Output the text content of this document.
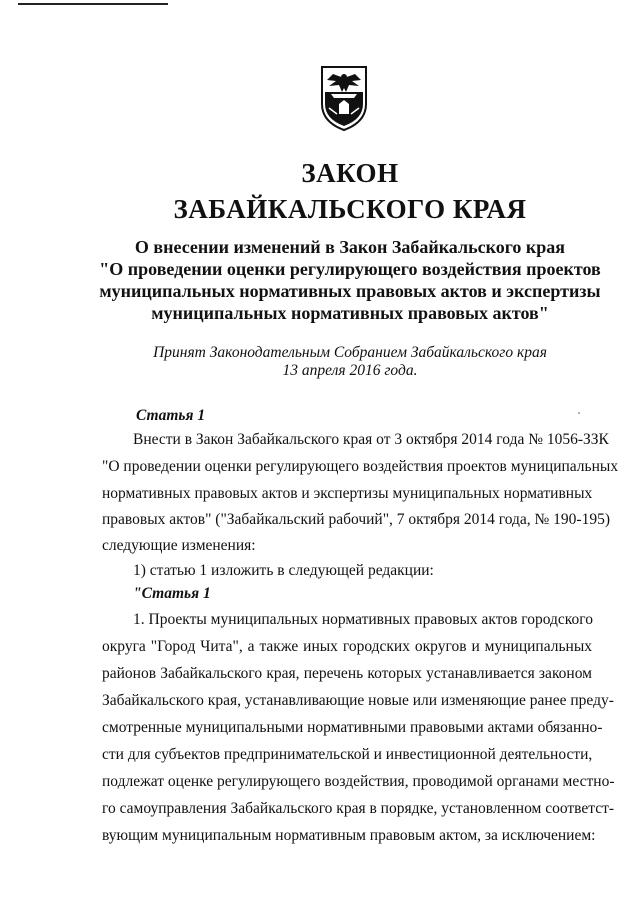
ЗАКОН
ЗАБАЙКАЛЬСКОГО КРАЯ
О внесении изменений в Закон Забайкальского края
"О проведении оценки регулирующего воздействия проектов
муниципальных нормативных правовых актов и экспертизы
муниципальных нормативных правовых актов"
Принят Законодательным Собранием Забайкальского края
13 апреля 2016 года.
Статья 1
Внести в Закон Забайкальского края от 3 октября 2014 года № 1056-ЗЗК
"О проведении оценки регулирующего воздействия проектов муниципальных
нормативных правовых актов и экспертизы муниципальных нормативных
правовых актов" ("Забайкальский рабочий", 7 октября 2014 года, № 190-195)
следующие изменения:
1) статью 1 изложить в следующей редакции:
"Статья 1
1. Проекты муниципальных нормативных правовых актов городского
округа "Город Чита", а также иных городских округов и муниципальных
районов Забайкальского края, перечень которых устанавливается законом
Забайкальского края, устанавливающие новые или изменяющие ранее преду-
смотренные муниципальными нормативными правовыми актами обязанно-
сти для субъектов предпринимательской и инвестиционной деятельности,
подлежат оценке регулирующего воздействия, проводимой органами местно-
го самоуправления Забайкальского края в порядке, установленном соответст-
вующим муниципальным нормативным правовым актом, за исключением:
